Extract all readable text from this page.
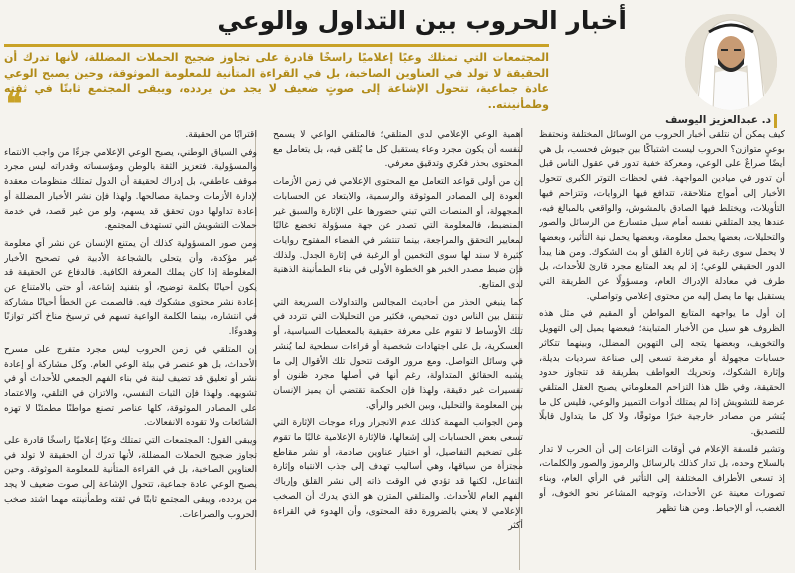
أخبار الحروب بين التداول والوعي
د. عبدالعزيز اليوسف
المجتمعات التي تمتلك وعيًا إعلاميًا راسخًا قادرة على تجاوز ضجيج الحملات المضللة، لأنها تدرك أن الحقيقة لا تولد في العناوين الصاخبة، بل في القراءة المتأنية للمعلومة الموثوقة، وحين يصبح الوعي عادة جماعية، تتحول الإشاعة إلى صوتٍ ضعيف لا يجد من يردده، ويبقى المجتمع ثابتًا في ثقته وطمأنينته..
❝

كيف يمكن أن نتلقى أخبار الحروب من الوسائل المختلفة ونحتفظ بوعيٍ متوازن؟ الحروب ليست اشتباكًا بين جيوش فحسب، بل هي أيضًا صراعٌ على الوعي، ومعركة خفية تدور في عقول الناس قبل أن تدور في ميادين المواجهة. ففي لحظات التوتر الكبرى تتحول الأخبار إلى أمواج متلاحقة، تتدافع فيها الروايات، وتتزاحم فيها التأويلات، ويختلط فيها الصادق بالمشوش، والواقعي بالمبالغ فيه، عندها يجد المتلقي نفسه أمام سيل متسارع من الرسائل والصور والتحليلات، بعضها يحمل معلومة، وبعضها يحمل نية التأثير، وبعضها لا يحمل سوى رغبة في إثارة القلق أو بث الشكوك. ومن هنا يبدأ الدور الحقيقي للوعي؛ إذ لم يعد المتابع مجرد قارئ للأحداث، بل طرف في معادلة الإدراك العام، ومسؤولًا عن الطريقة التي يستقبل بها ما يصل إليه من محتوى إعلامي وتواصلي.

إن أول ما يواجهه المتابع المواطن أو المقيم في مثل هذه الظروف هو سيل من الأخبار المتباينة؛ فبعضها يميل إلى التهويل والتخويف، وبعضها يتجه إلى التهوين المضلل، وبينهما تتكاثر حسابات مجهولة أو مغرضة تسعى إلى صناعة سرديات بديلة، وإثارة الشكوك، وتحريك العواطف بطريقة قد تتجاوز حدود الحقيقة، وفي ظل هذا التزاحم المعلوماتي يصبح العقل المتلقي عرضة للتشويش إذا لم يمتلك أدوات التمييز والوعي، فليس كل ما يُنشر من مصادر خارجية خبرًا موثوقًا، ولا كل ما يتداول قابلًا للتصديق.

وتشير فلسفة الإعلام في أوقات النزاعات إلى أن الحرب لا تدار بالسلاح وحده، بل تدار كذلك بالرسائل والرموز والصور والكلمات، إذ تسعى الأطراف المختلفة إلى التأثير في الرأي العام، وبناء تصورات معينة عن الأحداث، وتوجيه المشاعر نحو الخوف، أو الغضب، أو الإحباط. ومن هنا تظهر

أهمية الوعي الإعلامي لدى المتلقي؛ فالمتلقي الواعي لا يسمح لنفسه أن يكون مجرد وعاء يستقبل كل ما يُلقى فيه، بل يتعامل مع المحتوى بحذر فكري وتدقيق معرفي.

إن من أولى قواعد التعامل مع المحتوى الإعلامي في زمن الأزمات العودة إلى المصادر الموثوقة والرسمية، والابتعاد عن الحسابات المجهولة، أو المنصات التي تبني حضورها على الإثارة والسبق غير المنضبط، فالمعلومة التي تصدر عن جهة مسؤولة تخضع غالبًا لمعايير التحقق والمراجعة، بينما تنتشر في الفضاء المفتوح روايات كثيرة لا سند لها سوى التخمين أو الرغبة في إثارة الجدل. ولذلك فإن ضبط مصدر الخبر هو الخطوة الأولى في بناء الطمأنينة الذهنية لدى المتابع.

كما ينبغي الحذر من أحاديث المجالس والتداولات السريعة التي تنتقل بين الناس دون تمحيص، فكثير من التحليلات التي تتردد في تلك الأوساط لا تقوم على معرفة حقيقية بالمعطيات السياسية، أو العسكرية، بل على اجتهادات شخصية أو قراءات سطحية لما يُنشر في وسائل التواصل. ومع مرور الوقت تتحول تلك الأقوال إلى ما يشبه الحقائق المتداولة، رغم أنها في أصلها مجرد ظنون أو تفسيرات غير دقيقة، ولهذا فإن الحكمة تقتضي أن يميز الإنسان بين المعلومة والتحليل، وبين الخبر والرأي.

ومن الجوانب المهمة كذلك عدم الانجرار وراء موجات الإثارة التي تسعى بعض الحسابات إلى إشعالها، فالإثارة الإعلامية غالبًا ما تقوم على تضخيم التفاصيل، أو اختيار عناوين صادمة، أو نشر مقاطع مجتزأة من سياقها، وهي أساليب تهدف إلى جذب الانتباه وإثارة التفاعل، لكنها قد تؤدي في الوقت ذاته إلى نشر القلق وإرباك الفهم العام للأحداث. والمتلقي المتزن هو الذي يدرك أن الصخب الإعلامي لا يعني بالضرورة دقة المحتوى، وأن الهدوء في القراءة أكثر

اقترابًا من الحقيقة.

وفي السياق الوطني، يصبح الوعي الإعلامي جزءًا من واجب الانتماء والمسؤولية. فتعزيز الثقة بالوطن ومؤسساته وقدراته ليس مجرد موقف عاطفي، بل إدراك لحقيقة أن الدول تمتلك منظومات معقدة لإدارة الأزمات وحماية مصالحها. ولهذا فإن نشر الأخبار المضللة أو إعادة تداولها دون تحقق قد يسهم، ولو من غير قصد، في خدمة حملات التشويش التي تستهدف المجتمع.

ومن صور المسؤولية كذلك أن يمتنع الإنسان عن نشر أي معلومة غير مؤكدة، وأن يتحلى بالشجاعة الأدبية في تصحيح الأخبار المغلوطة إذا كان يملك المعرفة الكافية. فالدفاع عن الحقيقة قد يكون أحيانًا بكلمة توضيح، أو بتفنيد إشاعة، أو حتى بالامتناع عن إعادة نشر محتوى مشكوك فيه. فالصمت عن الخطأ أحيانًا مشاركة في انتشاره، بينما الكلمة الواعية تسهم في ترسيخ مناخ أكثر توازنًا وهدوءًا.

إن المتلقي في زمن الحروب ليس مجرد متفرج على مسرح الأحداث، بل هو عنصر في بيئة الوعي العام. وكل مشاركة أو إعادة نشر أو تعليق قد تضيف لبنة في بناء الفهم الجمعي للأحداث أو في تشويهه. ولهذا فإن الثبات النفسي، والاتزان في التلقي، والاعتماد على المصادر الموثوقة، كلها عناصر تصنع مواطنًا مطمئنًا لا تهزه الشائعات ولا تقوده الانفعالات.

ويبقى القول: المجتمعات التي تمتلك وعيًا إعلاميًا راسخًا قادرة على تجاوز ضجيج الحملات المضللة، لأنها تدرك أن الحقيقة لا تولد في العناوين الصاخبة، بل في القراءة المتأنية للمعلومة الموثوقة. وحين يصبح الوعي عادة جماعية، تتحول الإشاعة إلى صوت ضعيف لا يجد من يردده، ويبقى المجتمع ثابتًا في ثقته وطمأنينته مهما اشتد صخب الحروب والصراعات.
